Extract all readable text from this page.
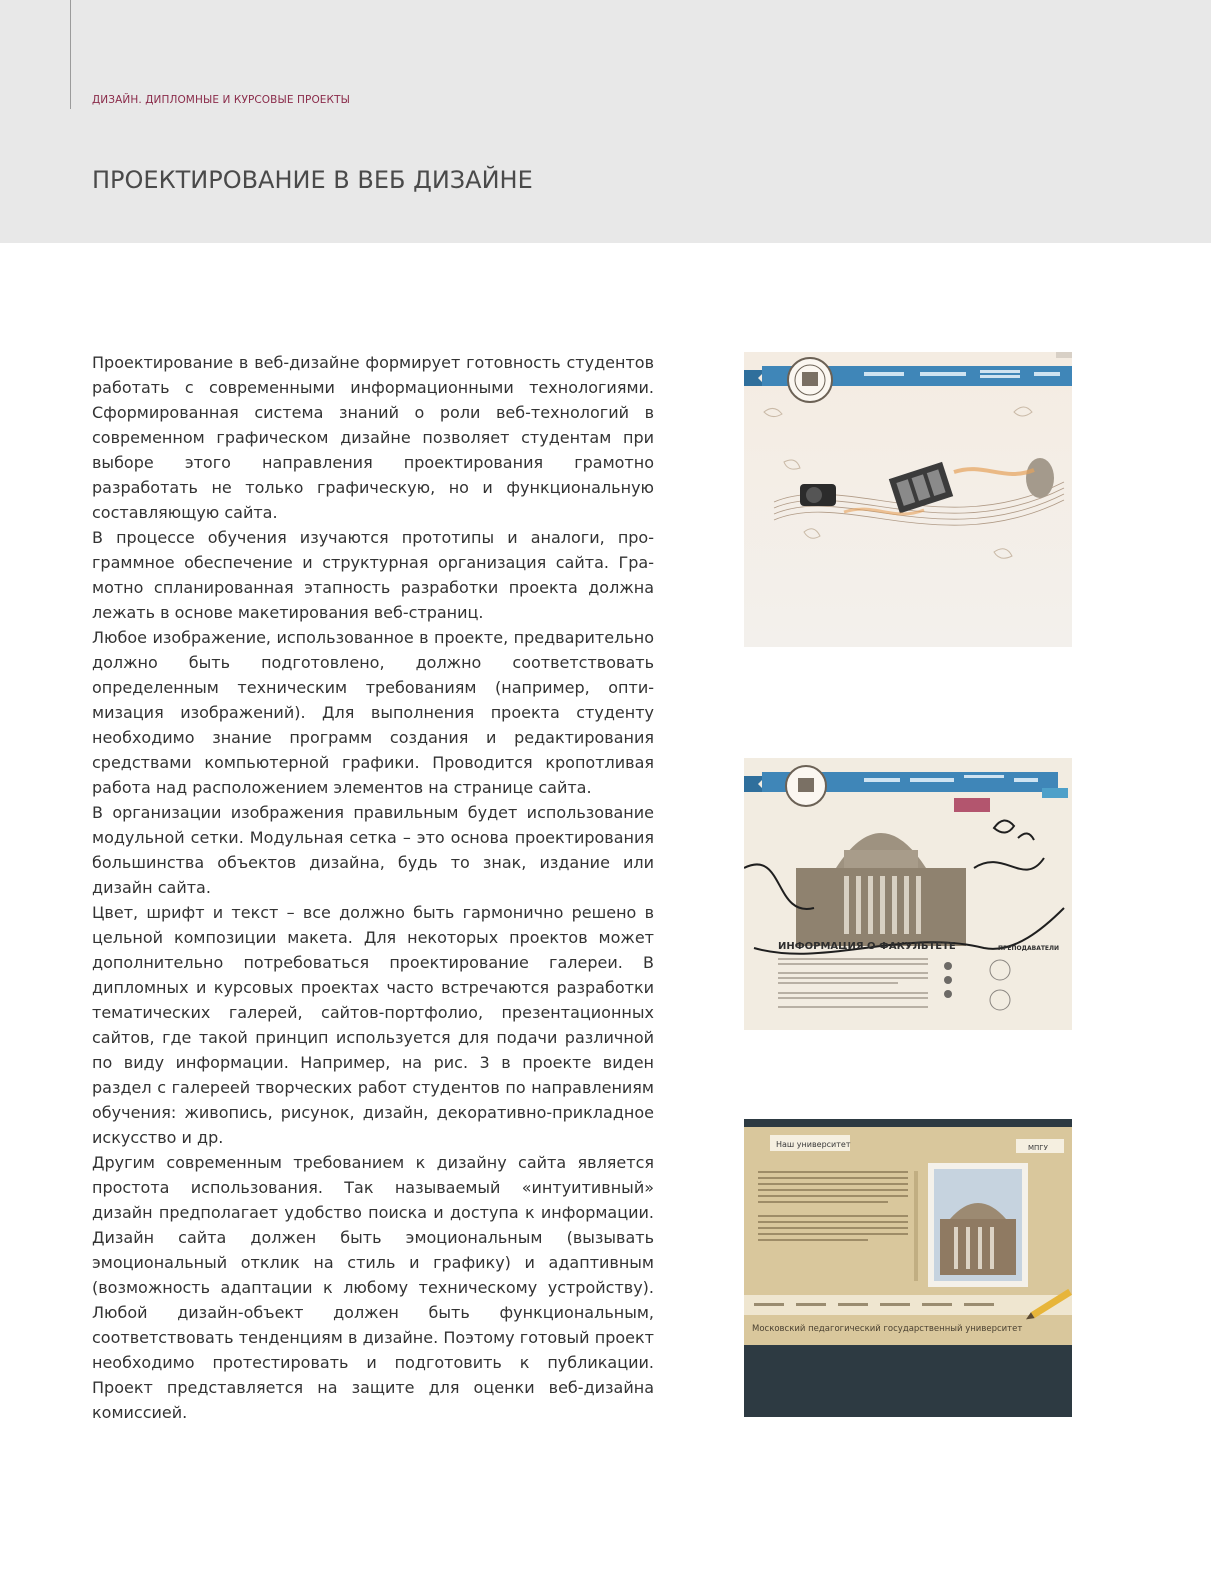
ДИЗАЙН. ДИПЛОМНЫЕ И КУРСОВЫЕ ПРОЕКТЫ
ПРОЕКТИРОВАНИЕ В ВЕБ ДИЗАЙНЕ

Проектирование в веб-дизайне формирует готовность студентов работать с современными информационными технологиями. Сформированная система знаний о роли веб-технологий в современном графическом дизайне позволяет студентам при выборе этого направления проектирования грамотно разработать не только графическую, но и функциональную составляющую сайта.

В процессе обучения изучаются прототипы и аналоги, программное обеспечение и структурная организация сайта. Грамотно спланированная этапность разработки проекта должна лежать в основе макетирования веб-страниц.

Любое изображение, использованное в проекте, предварительно должно быть подготовлено, должно соответствовать определенным техническим требованиям (например, оптимизация изображений). Для выполнения проекта студенту необходимо знание программ создания и редактирования средствами компьютерной графики. Проводится кропотливая работа над расположением элементов на странице сайта.

В организации изображения правильным будет использование модульной сетки. Модульная сетка – это основа проектирования большинства объектов дизайна, будь то знак, издание или дизайн сайта.

Цвет, шрифт и текст – все должно быть гармонично решено в цельной композиции макета. Для некоторых проектов может дополнительно потребоваться проектирование галереи. В дипломных и курсовых проектах часто встречаются разработки тематических галерей, сайтов-портфолио, презентационных сайтов, где такой принцип используется для подачи различной по виду информации. Например, на рис. 3 в проекте виден раздел с галереей творческих работ студентов по направлениям обучения: живопись, рисунок, дизайн, декоративно-прикладное искусство и др.

Другим современным требованием к дизайну сайта является простота использования. Так называемый «интуитивный» дизайн предполагает удобство поиска и доступа к информации. Дизайн сайта должен быть эмоциональным (вызывать эмоциональный отклик на стиль и графику) и адаптивным (возможность адаптации к любому техническому устройству). Любой дизайн-объект должен быть функциональным, соответствовать тенденциям в дизайне. Поэтому готовый проект необходимо протестировать и подготовить к публикации. Проект представляется на защите для оценки веб-дизайна комиссией.

ИНФОРМАЦИЯ О ФАКУЛЬТЕТЕ	ПРЕПОДАВАТЕЛИ
Наш университет	МПГУ
Московский педагогический государственный университет
